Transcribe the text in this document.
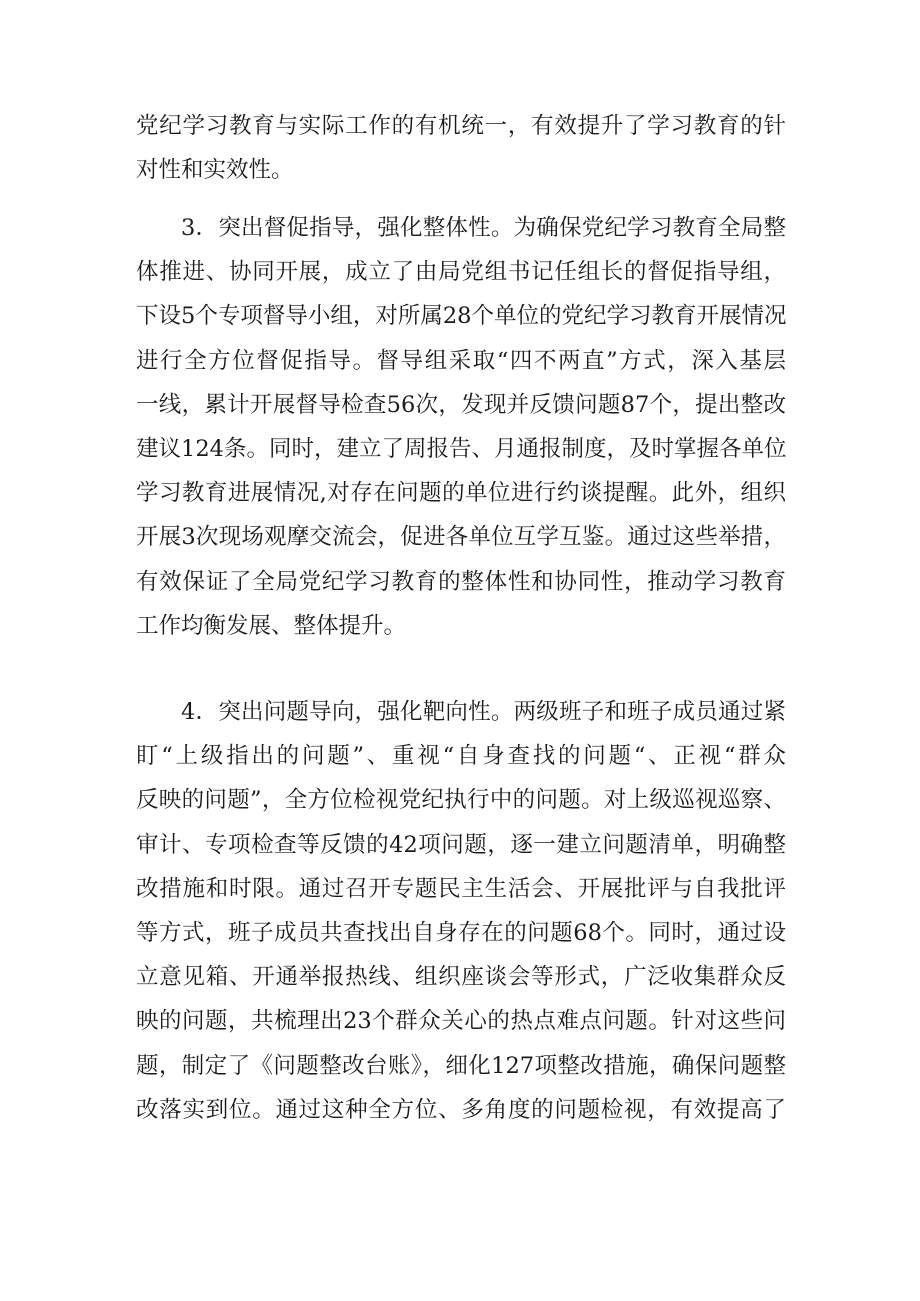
党纪学习教育与实际工作的有机统一，有效提升了学习教育的针
对性和实效性。
3．突出督促指导，强化整体性。为确保党纪学习教育全局整
体推进、协同开展，成立了由局党组书记任组长的督促指导组，
下设5个专项督导小组，对所属28个单位的党纪学习教育开展情况
进行全方位督促指导。督导组采取“四不两直”方式，深入基层
一线，累计开展督导检查56次，发现并反馈问题87个，提出整改
建议124条。同时，建立了周报告、月通报制度，及时掌握各单位
学习教育进展情况,对存在问题的单位进行约谈提醒。此外，组织
开展3次现场观摩交流会，促进各单位互学互鉴。通过这些举措，
有效保证了全局党纪学习教育的整体性和协同性，推动学习教育
工作均衡发展、整体提升。
4．突出问题导向，强化靶向性。两级班子和班子成员通过紧
盯“上级指出的问题”、重视“自身查找的问题“、正视“群众
反映的问题”，全方位检视党纪执行中的问题。对上级巡视巡察、
审计、专项检查等反馈的42项问题，逐一建立问题清单，明确整
改措施和时限。通过召开专题民主生活会、开展批评与自我批评
等方式，班子成员共查找出自身存在的问题68个。同时，通过设
立意见箱、开通举报热线、组织座谈会等形式，广泛收集群众反
映的问题，共梳理出23个群众关心的热点难点问题。针对这些问
题，制定了《问题整改台账》，细化127项整改措施，确保问题整
改落实到位。通过这种全方位、多角度的问题检视，有效提高了
